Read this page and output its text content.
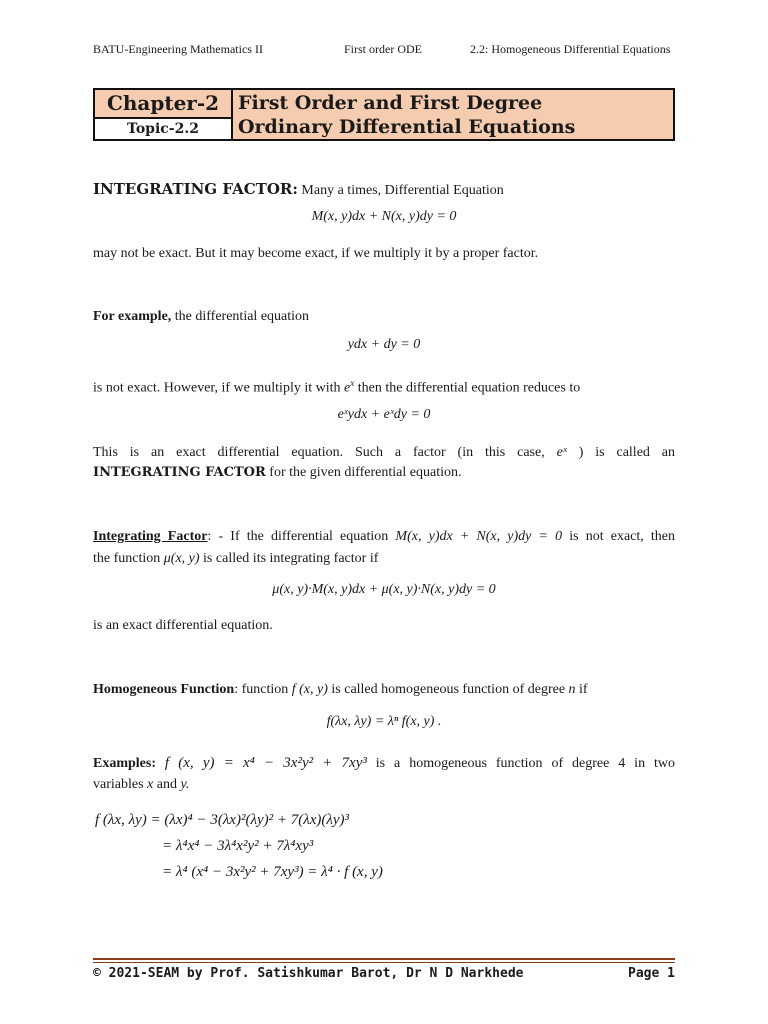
BATU-Engineering Mathematics II	First order ODE	2.2: Homogeneous Differential Equations
Chapter-2
Topic-2.2
First Order and First Degree
Ordinary Differential Equations
INTEGRATING FACTOR: Many a times, Differential Equation
M(x, y)dx + N(x, y)dy = 0
may not be exact. But it may become exact, if we multiply it by a proper factor.
For example, the differential equation
ydx + dy = 0
is not exact. However, if we multiply it with $e^x$ then the differential equation reduces to
eˣydx + eˣdy = 0
This is an exact differential equation. Such a factor (in this case, eˣ ) is called an
INTEGRATING FACTOR for the given differential equation.
Integrating Factor: - If the differential equation M(x, y)dx + N(x, y)dy = 0 is not exact, then
the function μ(x, y) is called its integrating factor if
μ(x, y)·M(x, y)dx + μ(x, y)·N(x, y)dy = 0
is an exact differential equation.
Homogeneous Function: function f (x, y) is called homogeneous function of degree n if
f(λx, λy) = λⁿ f(x, y) .
Examples: f (x, y) = x⁴ − 3x²y² + 7xy³ is a homogeneous function of degree 4 in two
variables x and y.
f (λx, λy) = (λx)⁴ − 3(λx)²(λy)² + 7(λx)(λy)³
= λ⁴x⁴ − 3λ⁴x²y² + 7λ⁴xy³
= λ⁴ (x⁴ − 3x²y² + 7xy³) = λ⁴ · f (x, y)
© 2021-SEAM by Prof. Satishkumar Barot, Dr N D Narkhede	Page 1
